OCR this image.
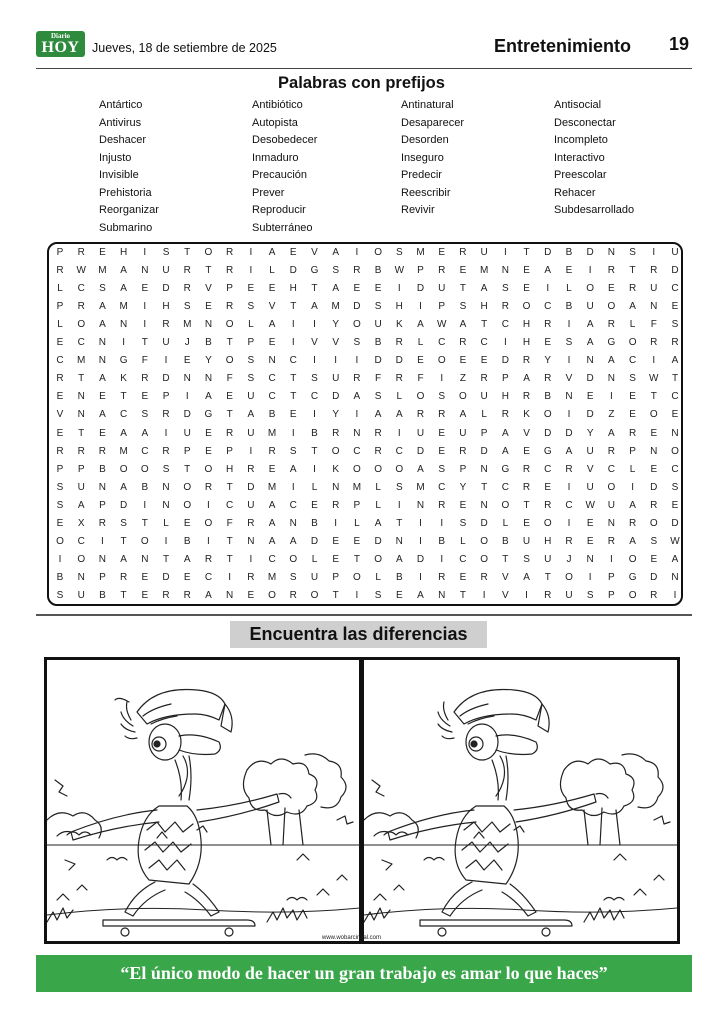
Diario
HOY	Jueves, 18 de setiembre de 2025	Entretenimiento 19
Palabras con prefijos
Antártico
Antivirus
Deshacer
Injusto
Invisible
Prehistoria
Reorganizar
Submarino
Antibiótico
Autopista
Desobedecer
Inmaduro
Precaución
Prever
Reproducir
Subterráneo
Antinatural
Desaparecer
Desorden
Inseguro
Predecir
Reescribir
Revivir
Antisocial
Desconectar
Incompleto
Interactivo
Preescolar
Rehacer
Subdesarrollado
P	R	E	H	I	S	T	O	R	I	A	E	V	A	I	O	S	M	E	R	U	I	T	D	B	D	N	S	I	U
R	W	M	A	N	U	R	T	R	I	L	D	G	S	R	B	W	P	R	E	M	N	E	A	E	I	R	T	R	D
L	C	S	A	E	D	R	V	P	E	E	H	T	A	E	E	I	D	U	T	A	S	E	I	L	O	E	R	U	C
P	R	A	M	I	H	S	E	R	S	V	T	A	M	D	S	H	I	P	S	H	R	O	C	B	U	O	A	N	E
L	O	A	N	I	R	M	N	O	L	A	I	I	Y	O	U	K	A	W	A	T	C	H	R	I	A	R	L	F	S
E	C	N	I	T	U	J	B	T	P	E	I	V	V	S	B	R	L	C	R	C	I	H	E	S	A	G	O	R	R
C	M	N	G	F	I	E	Y	O	S	N	C	I	I	I	D	D	E	O	E	E	D	R	Y	I	N	A	C	I	A
R	T	A	K	R	D	N	N	F	S	C	T	S	U	R	F	R	F	I	Z	R	P	A	R	V	D	N	S	W	T
E	N	E	T	E	P	I	A	E	U	C	T	C	D	A	S	L	O	S	O	U	H	R	B	N	E	I	E	T	C
V	N	A	C	S	R	D	G	T	A	B	E	I	Y	I	A	A	R	R	A	L	R	K	O	I	D	Z	E	O	E
E	T	E	A	A	I	U	E	R	U	M	I	B	R	N	R	I	U	E	U	P	A	V	D	D	Y	A	R	E	N
R	R	R	M	C	R	P	E	P	I	R	S	T	O	C	R	C	D	E	R	D	A	E	G	A	U	R	P	N	O
P	P	B	O	O	S	T	O	H	R	E	A	I	K	O	O	O	A	S	P	N	G	R	C	R	V	C	L	E	C
S	U	N	A	B	N	O	R	T	D	M	I	L	N	M	L	S	M	C	Y	T	C	R	E	I	U	O	I	D	S
S	A	P	D	I	N	O	I	C	U	A	C	E	R	P	L	I	N	R	E	N	O	T	R	C	W	U	A	R	E
E	X	R	S	T	L	E	O	F	R	A	N	B	I	L	A	T	I	I	S	D	L	E	O	I	E	N	R	O	D
O	C	I	T	O	I	B	I	T	N	A	A	D	E	E	D	N	I	B	L	O	B	U	H	R	E	R	A	S	W
I	O	N	A	N	T	A	R	T	I	C	O	L	E	T	O	A	D	I	C	O	T	S	U	J	N	I	O	E	A
B	N	P	R	E	D	E	C	I	R	M	S	U	P	O	L	B	I	R	E	R	V	A	T	O	I	P	G	D	N
S	U	B	T	E	R	R	A	N	E	O	R	O	T	I	S	E	A	N	T	I	V	I	R	U	S	P	O	R	I
Encuentra las diferencias
www.wobarcircial.com
“El único modo de hacer un gran trabajo es amar lo que haces”
